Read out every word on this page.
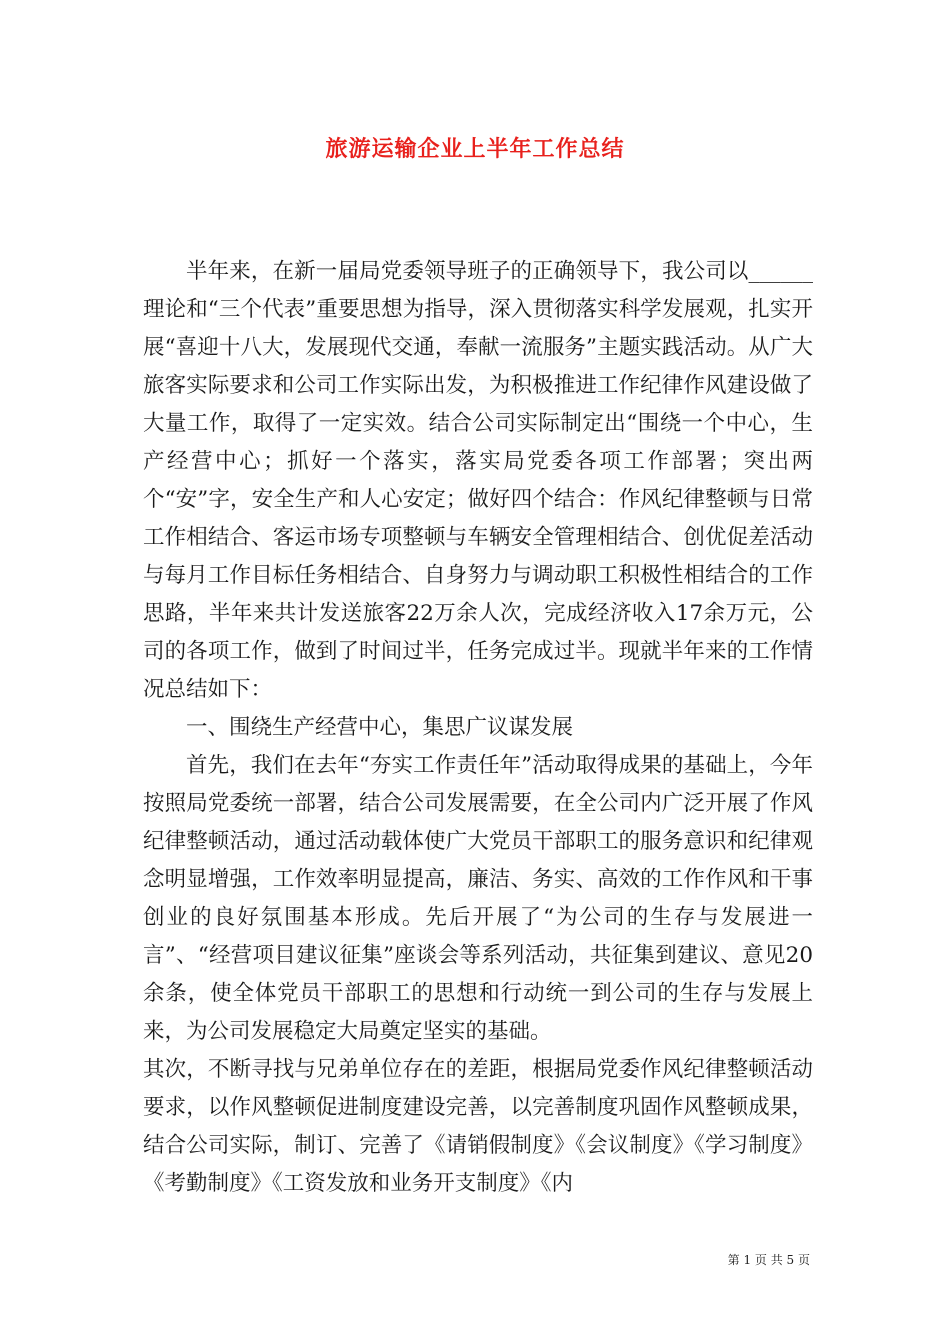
旅游运输企业上半年工作总结

半年来，在新一届局党委领导班子的正确领导下，我公司以______理论和“三个代表”重要思想为指导，深入贯彻落实科学发展观，扎实开展“喜迎十八大，发展现代交通，奉献一流服务”主题实践活动。从广大旅客实际要求和公司工作实际出发，为积极推进工作纪律作风建设做了大量工作，取得了一定实效。结合公司实际制定出“围绕一个中心，生产经营中心；抓好一个落实，落实局党委各项工作部署；突出两个“安”字，安全生产和人心安定；做好四个结合：作风纪律整顿与日常工作相结合、客运市场专项整顿与车辆安全管理相结合、创优促差活动与每月工作目标任务相结合、自身努力与调动职工积极性相结合的工作思路，半年来共计发送旅客22万余人次，完成经济收入17余万元，公司的各项工作，做到了时间过半，任务完成过半。现就半年来的工作情况总结如下：

一、围绕生产经营中心，集思广议谋发展

首先，我们在去年“夯实工作责任年”活动取得成果的基础上，今年按照局党委统一部署，结合公司发展需要，在全公司内广泛开展了作风纪律整顿活动，通过活动载体使广大党员干部职工的服务意识和纪律观念明显增强，工作效率明显提高，廉洁、务实、高效的工作作风和干事创业的良好氛围基本形成。先后开展了“为公司的生存与发展进一言”、“经营项目建议征集”座谈会等系列活动，共征集到建议、意见20余条，使全体党员干部职工的思想和行动统一到公司的生存与发展上来，为公司发展稳定大局奠定坚实的基础。

其次，不断寻找与兄弟单位存在的差距，根据局党委作风纪律整顿活动要求，以作风整顿促进制度建设完善，以完善制度巩固作风整顿成果，结合公司实际，制订、完善了《请销假制度》《会议制度》《学习制度》《考勤制度》《工资发放和业务开支制度》《内

第 1 页 共 5 页
